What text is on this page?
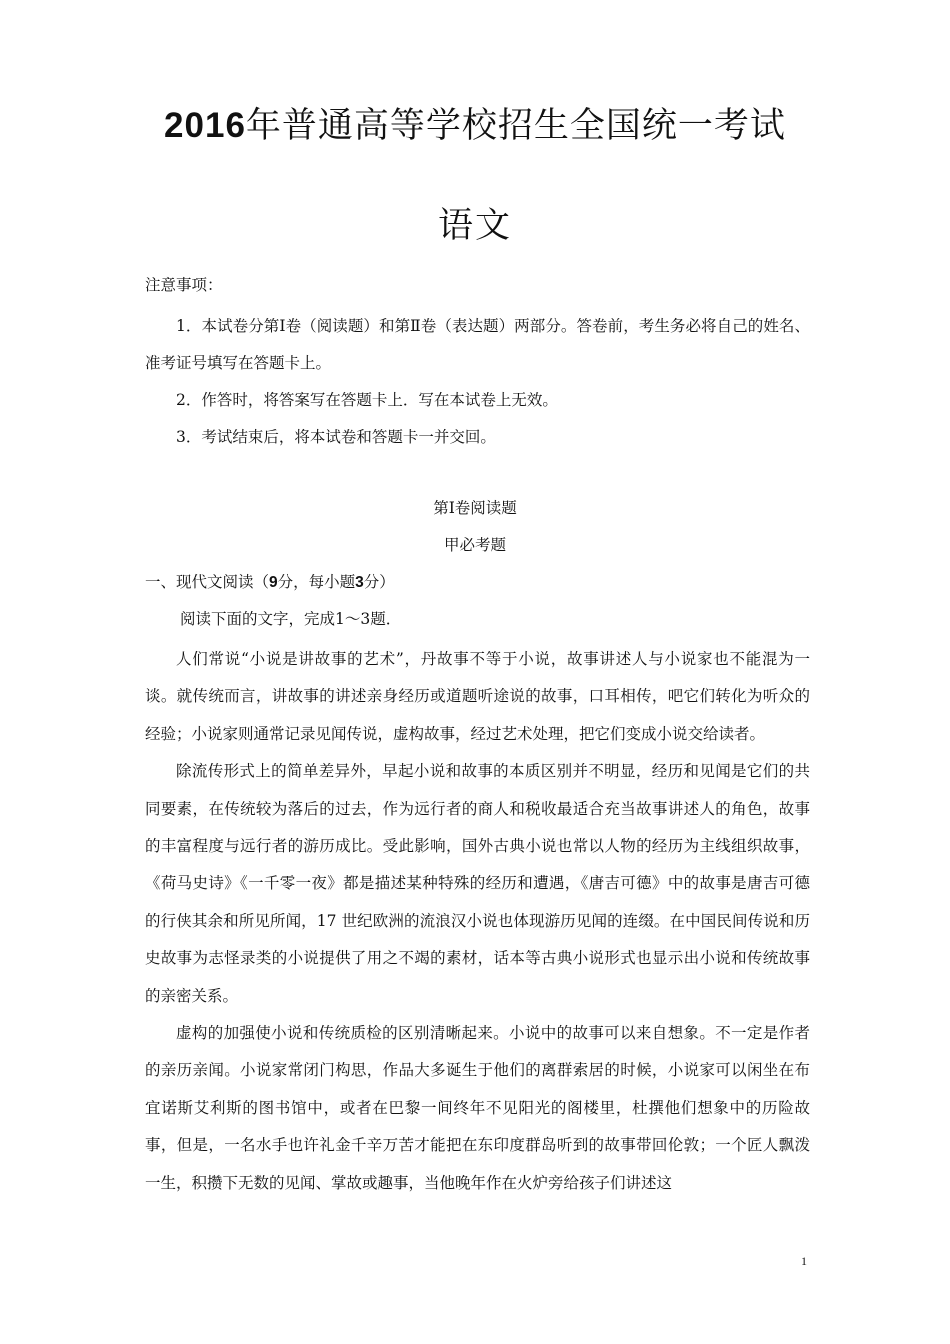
2016年普通高等学校招生全国统一考试
语文
注意事项：

1．本试卷分第Ⅰ卷（阅读题）和第Ⅱ卷（表达题）两部分。答卷前，考生务必将自己的姓名、准考证号填写在答题卡上。

2．作答时，将答案写在答题卡上．写在本试卷上无效。

3．考试结束后，将本试卷和答题卡一并交回。

第Ⅰ卷阅读题
甲必考题
一、现代文阅读（9分，每小题3分）
阅读下面的文字，完成1～3题．

人们常说“小说是讲故事的艺术”，丹故事不等于小说，故事讲述人与小说家也不能混为一谈。就传统而言，讲故事的讲述亲身经历或道题听途说的故事，口耳相传，吧它们转化为听众的经验；小说家则通常记录见闻传说，虚构故事，经过艺术处理，把它们变成小说交给读者。

除流传形式上的简单差异外，早起小说和故事的本质区别并不明显，经历和见闻是它们的共同要素，在传统较为落后的过去，作为远行者的商人和税收最适合充当故事讲述人的角色，故事的丰富程度与远行者的游历成比。受此影响，国外古典小说也常以人物的经历为主线组织故事，《荷马史诗》《一千零一夜》都是描述某种特殊的经历和遭遇，《唐吉可德》中的故事是唐吉可德的行侠其余和所见所闻，17 世纪欧洲的流浪汉小说也体现游历见闻的连缀。在中国民间传说和历史故事为志怪录类的小说提供了用之不竭的素材，话本等古典小说形式也显示出小说和传统故事的亲密关系。

虚构的加强使小说和传统质检的区别清晰起来。小说中的故事可以来自想象。不一定是作者的亲历亲闻。小说家常闭门构思，作品大多诞生于他们的离群索居的时候，小说家可以闲坐在布宜诺斯艾利斯的图书馆中，或者在巴黎一间终年不见阳光的阁楼里，杜撰他们想象中的历险故事，但是，一名水手也许礼金千辛万苦才能把在东印度群岛听到的故事带回伦敦；一个匠人飘泼一生，积攒下无数的见闻、掌故或趣事，当他晚年作在火炉旁给孩子们讲述这

1
